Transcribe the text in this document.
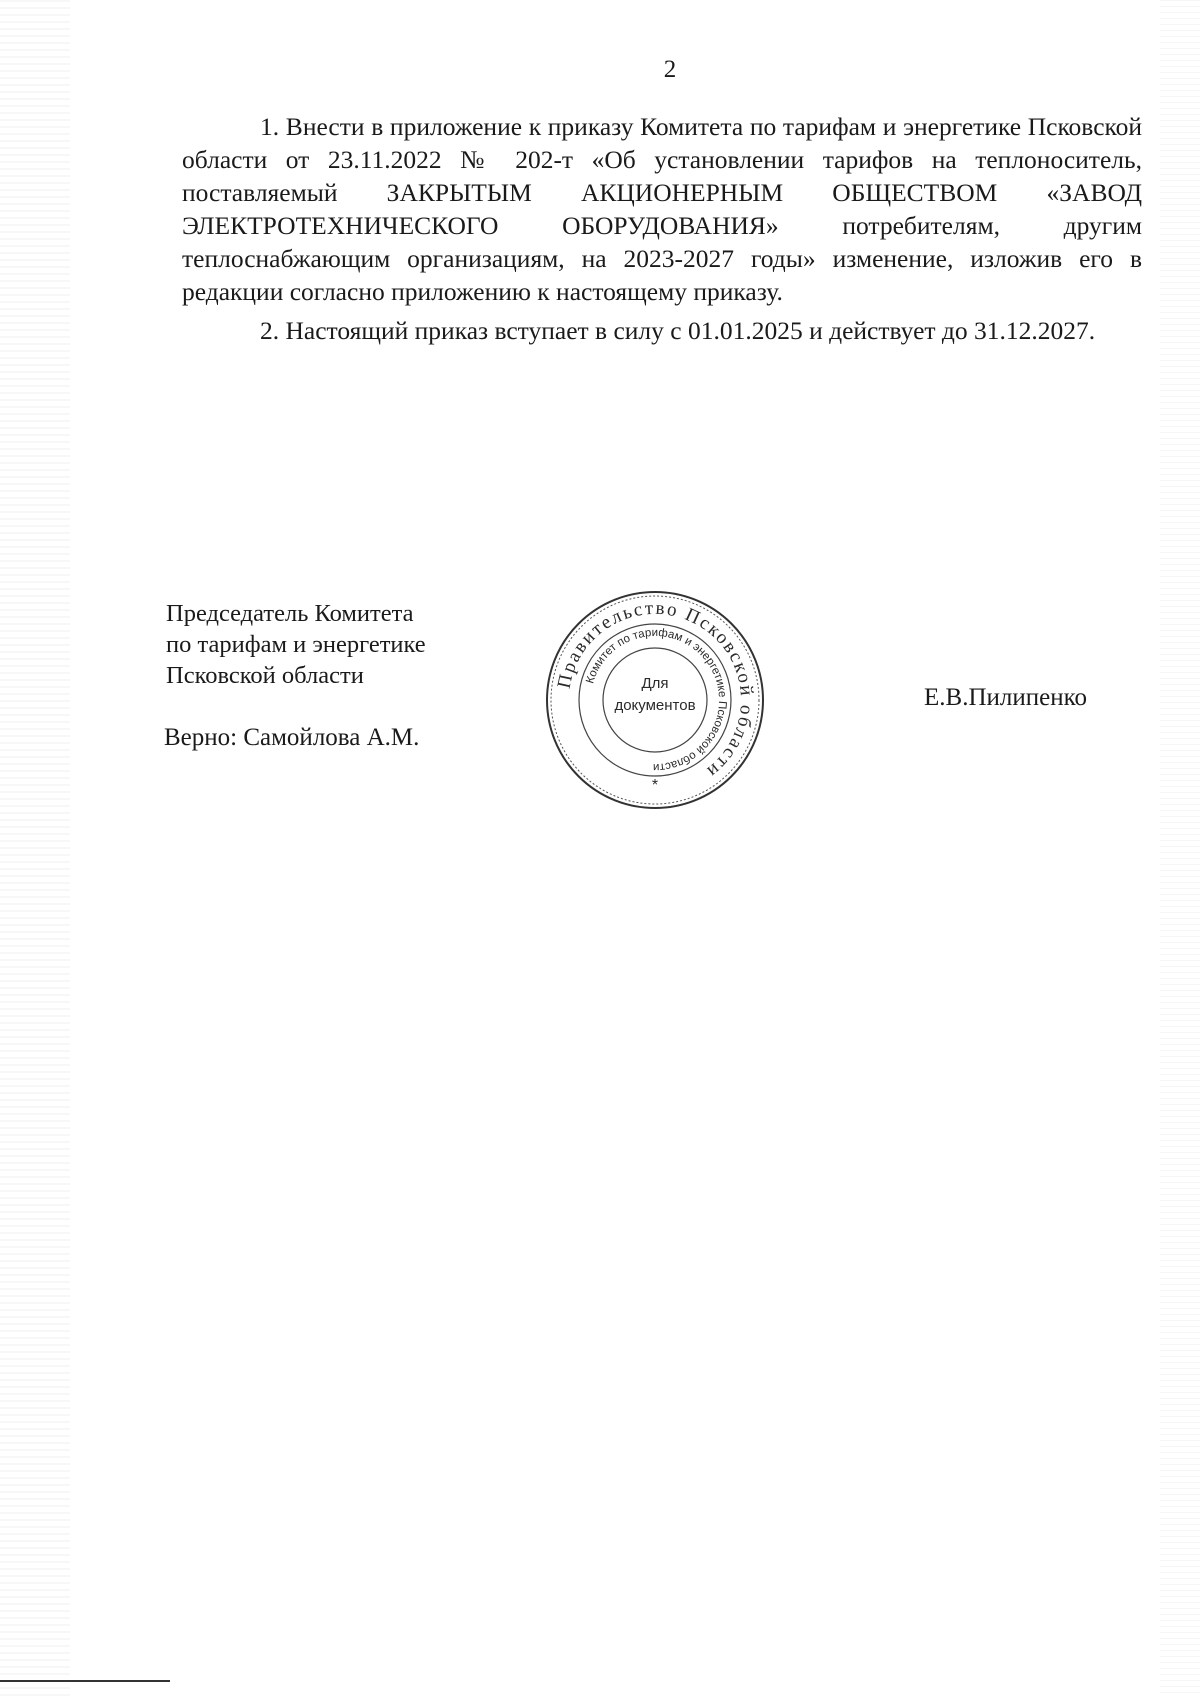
2

1. Внести в приложение к приказу Комитета по тарифам и энергетике Псковской области от 23.11.2022 № 202-т «Об установлении тарифов на теплоноситель, поставляемый ЗАКРЫТЫМ АКЦИОНЕРНЫМ ОБЩЕСТВОМ «ЗАВОД ЭЛЕКТРОТЕХНИЧЕСКОГО ОБОРУДОВАНИЯ» потребителям, другим теплоснабжающим организациям, на 2023-2027 годы» изменение, изложив его в редакции согласно приложению к настоящему приказу.

2. Настоящий приказ вступает в силу с 01.01.2025 и действует до 31.12.2027.

Председатель Комитета
по тарифам и энергетике
Псковской области
Верно: Самойлова А.М.
Е.В.Пилипенко
Правительство Псковской области
Комитет по тарифам и энергетике Псковской области
*
Для
документов
